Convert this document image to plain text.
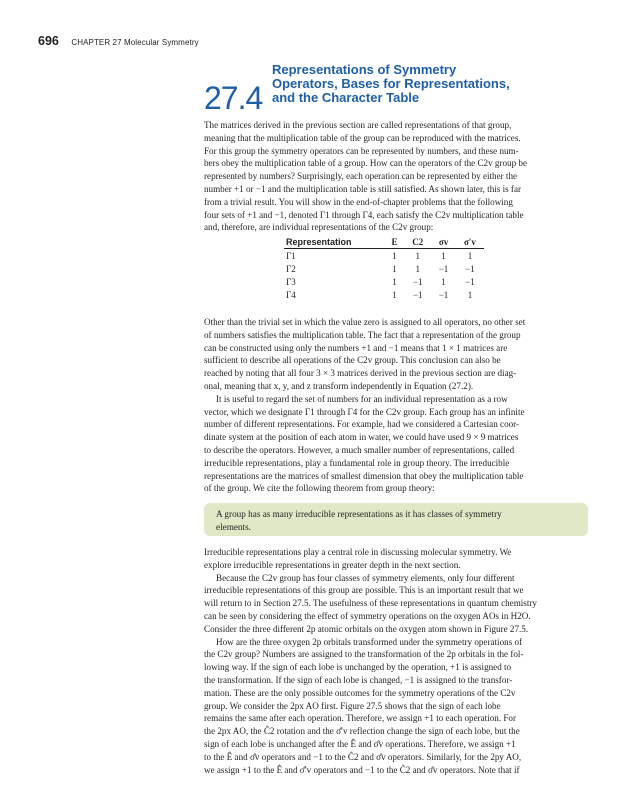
696 CHAPTER 27 Molecular Symmetry
27.4
Representations of Symmetry
Operators, Bases for Representations,
and the Character Table

The matrices derived in the previous section are called representations of that group,

meaning that the multiplication table of the group can be reproduced with the matrices.

For this group the symmetry operators can be represented by numbers, and these num-

bers obey the multiplication table of a group. How can the operators of the C2v group be

represented by numbers? Surprisingly, each operation can be represented by either the

number +1 or −1 and the multiplication table is still satisfied. As shown later, this is far

from a trivial result. You will show in the end-of-chapter problems that the following

four sets of +1 and −1, denoted Γ1 through Γ4, each satisfy the C2v multiplication table

and, therefore, are individual representations of the C2v group:

Representation	E	C2	σv	σ′v
Γ1	1	1	1	1
Γ2	1	1	−1	−1
Γ3	1	−1	1	−1
Γ4	1	−1	−1	1

Other than the trivial set in which the value zero is assigned to all operators, no other set

of numbers satisfies the multiplication table. The fact that a representation of the group

can be constructed using only the numbers +1 and −1 means that 1 × 1 matrices are

sufficient to describe all operations of the C2v group. This conclusion can also be

reached by noting that all four 3 × 3 matrices derived in the previous section are diag-

onal, meaning that x, y, and z transform independently in Equation (27.2).

It is useful to regard the set of numbers for an individual representation as a row

vector, which we designate Γ1 through Γ4 for the C2v group. Each group has an infinite

number of different representations. For example, had we considered a Cartesian coor-

dinate system at the position of each atom in water, we could have used 9 × 9 matrices

to describe the operators. However, a much smaller number of representations, called

irreducible representations, play a fundamental role in group theory. The irreducible

representations are the matrices of smallest dimension that obey the multiplication table

of the group. We cite the following theorem from group theory:

A group has as many irreducible representations as it has classes of symmetry
elements.

Irreducible representations play a central role in discussing molecular symmetry. We

explore irreducible representations in greater depth in the next section.

Because the C2v group has four classes of symmetry elements, only four different

irreducible representations of this group are possible. This is an important result that we

will return to in Section 27.5. The usefulness of these representations in quantum chemistry

can be seen by considering the effect of symmetry operations on the oxygen AOs in H2O.

Consider the three different 2p atomic orbitals on the oxygen atom shown in Figure 27.5.

How are the three oxygen 2p orbitals transformed under the symmetry operations of

the C2v group? Numbers are assigned to the transformation of the 2p orbitals in the fol-

lowing way. If the sign of each lobe is unchanged by the operation, +1 is assigned to

the transformation. If the sign of each lobe is changed, −1 is assigned to the transfor-

mation. These are the only possible outcomes for the symmetry operations of the C2v

group. We consider the 2px AO first. Figure 27.5 shows that the sign of each lobe

remains the same after each operation. Therefore, we assign +1 to each operation. For

the 2px AO, the Ĉ2 rotation and the σ̂′v reflection change the sign of each lobe, but the

sign of each lobe is unchanged after the Ê and σ̂v operations. Therefore, we assign +1

to the Ê and σ̂v operators and −1 to the Ĉ2 and σ̂v operators. Similarly, for the 2py AO,

we assign +1 to the Ê and σ̂′v operators and −1 to the Ĉ2 and σ̂v operators. Note that if
